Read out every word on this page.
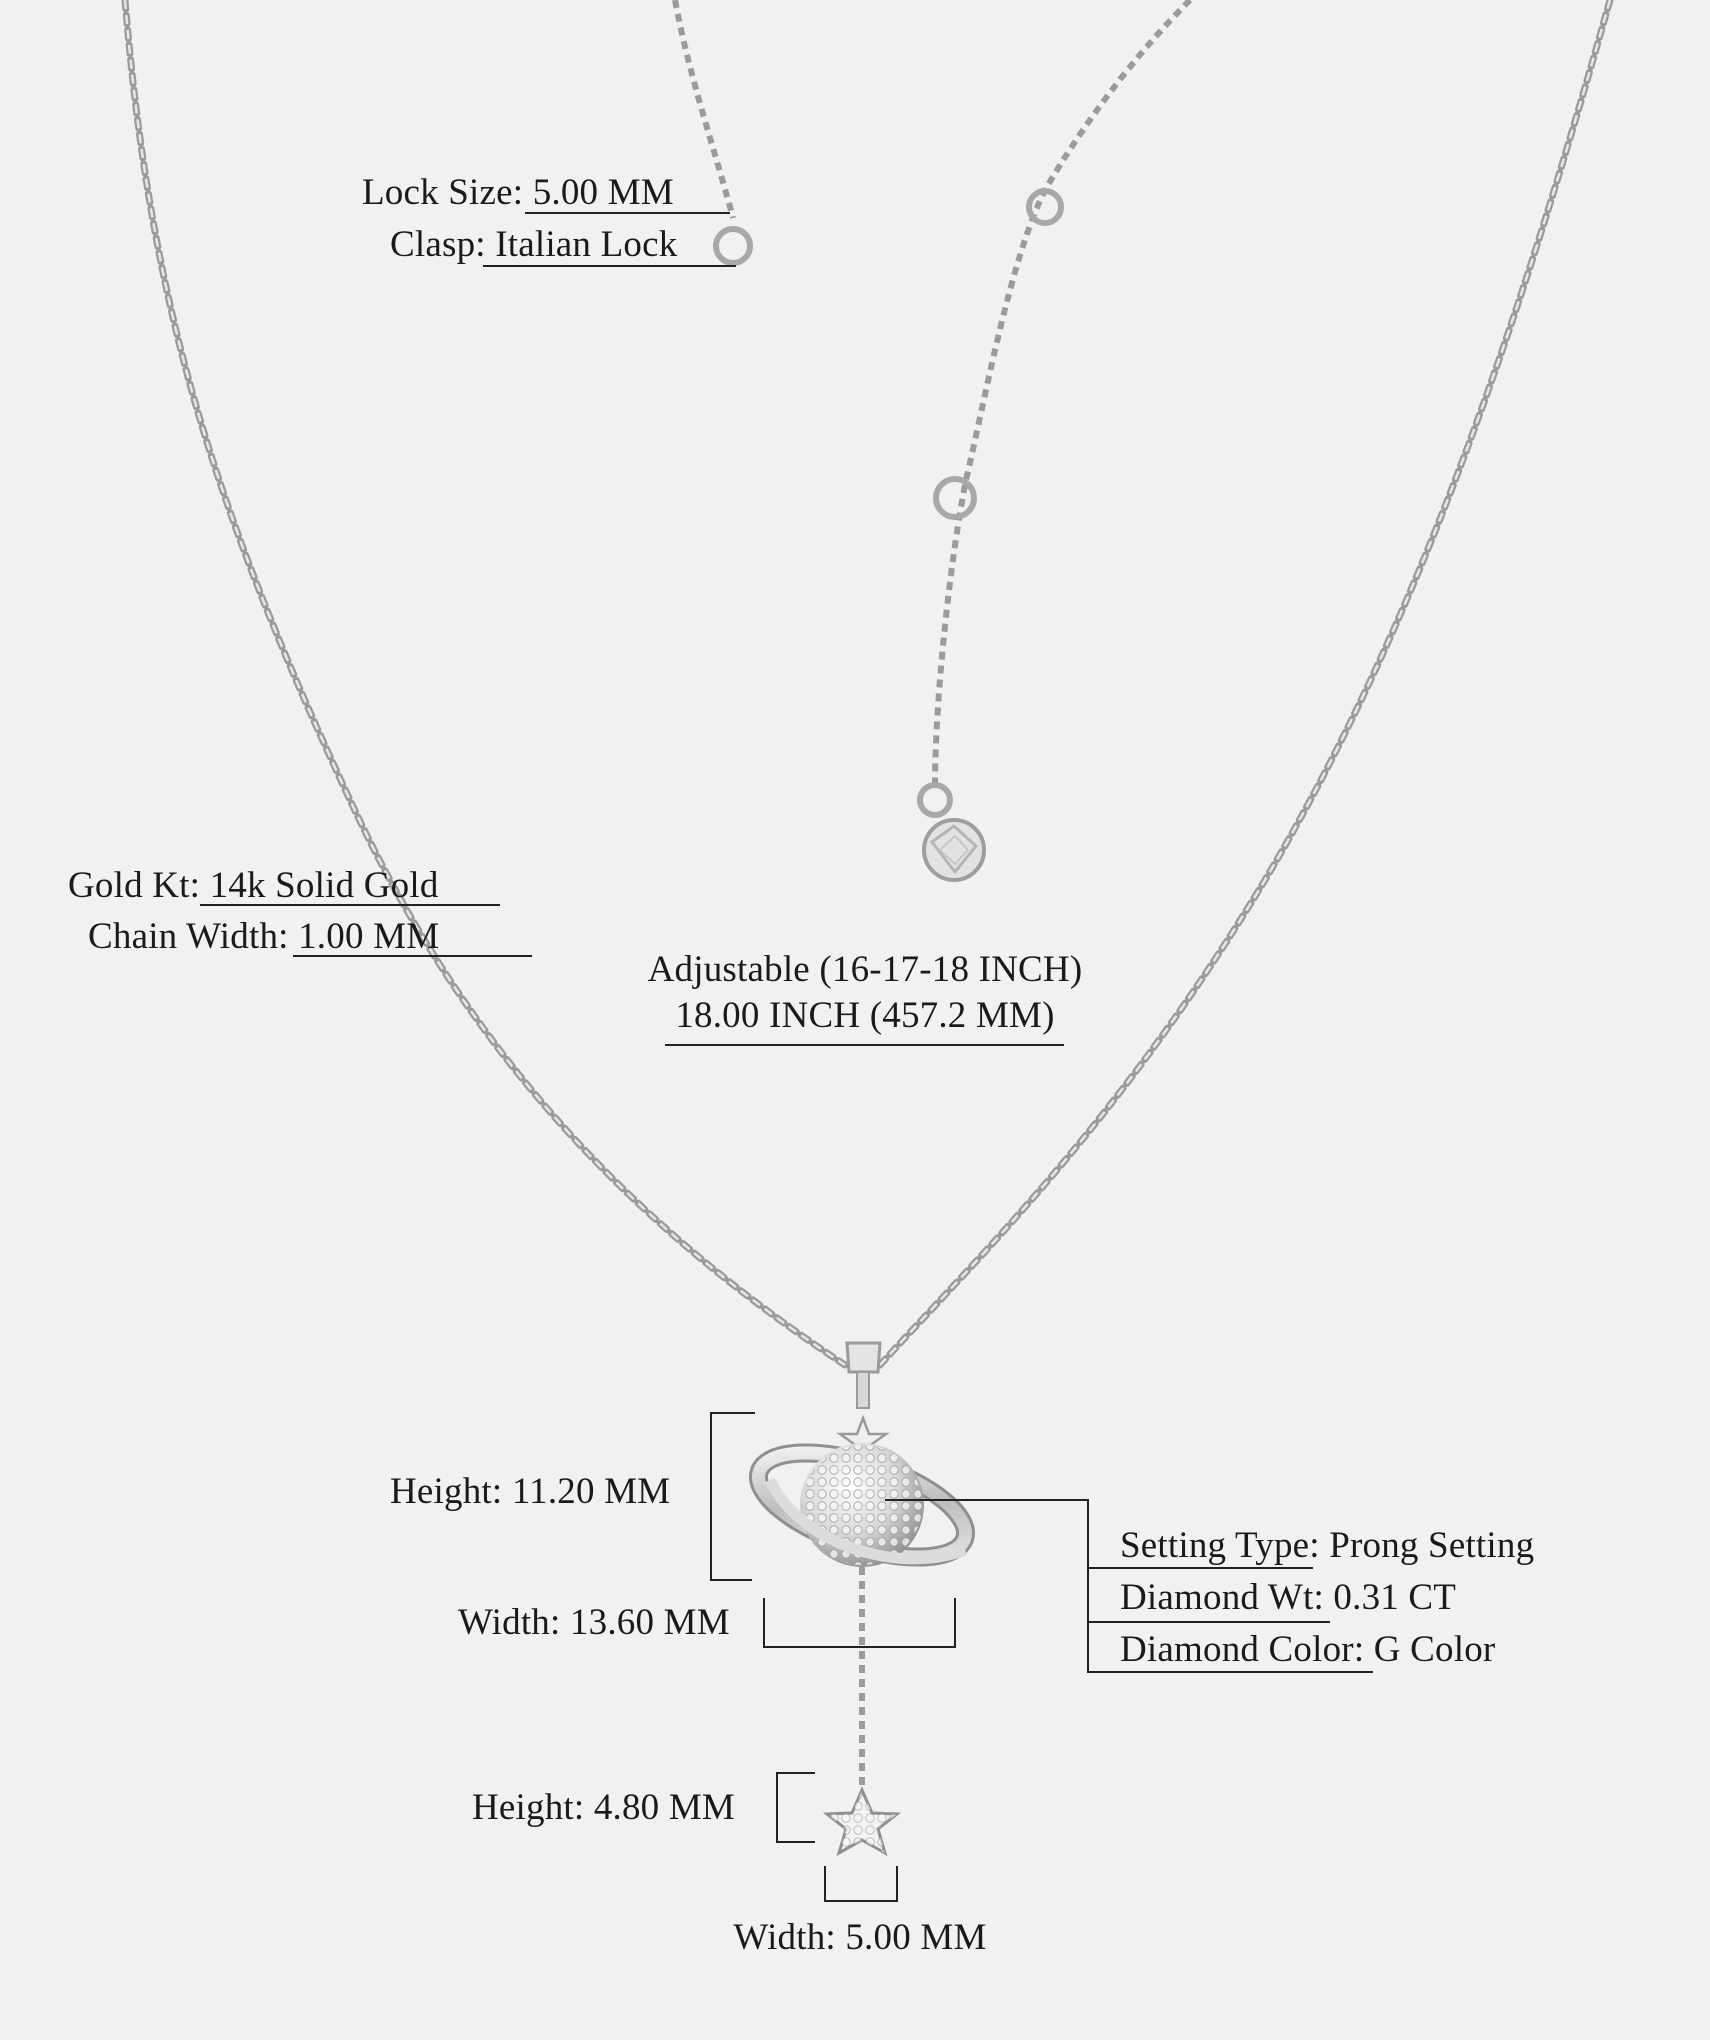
Lock Size: 5.00 MM
Clasp: Italian Lock
Gold Kt: 14k Solid Gold
Chain Width: 1.00 MM
Adjustable (16-17-18 INCH)
18.00 INCH (457.2 MM)
Height: 11.20 MM
Width: 13.60 MM
Setting Type: Prong Setting
Diamond Wt: 0.31 CT
Diamond Color: G Color
Height: 4.80 MM
Width: 5.00 MM
